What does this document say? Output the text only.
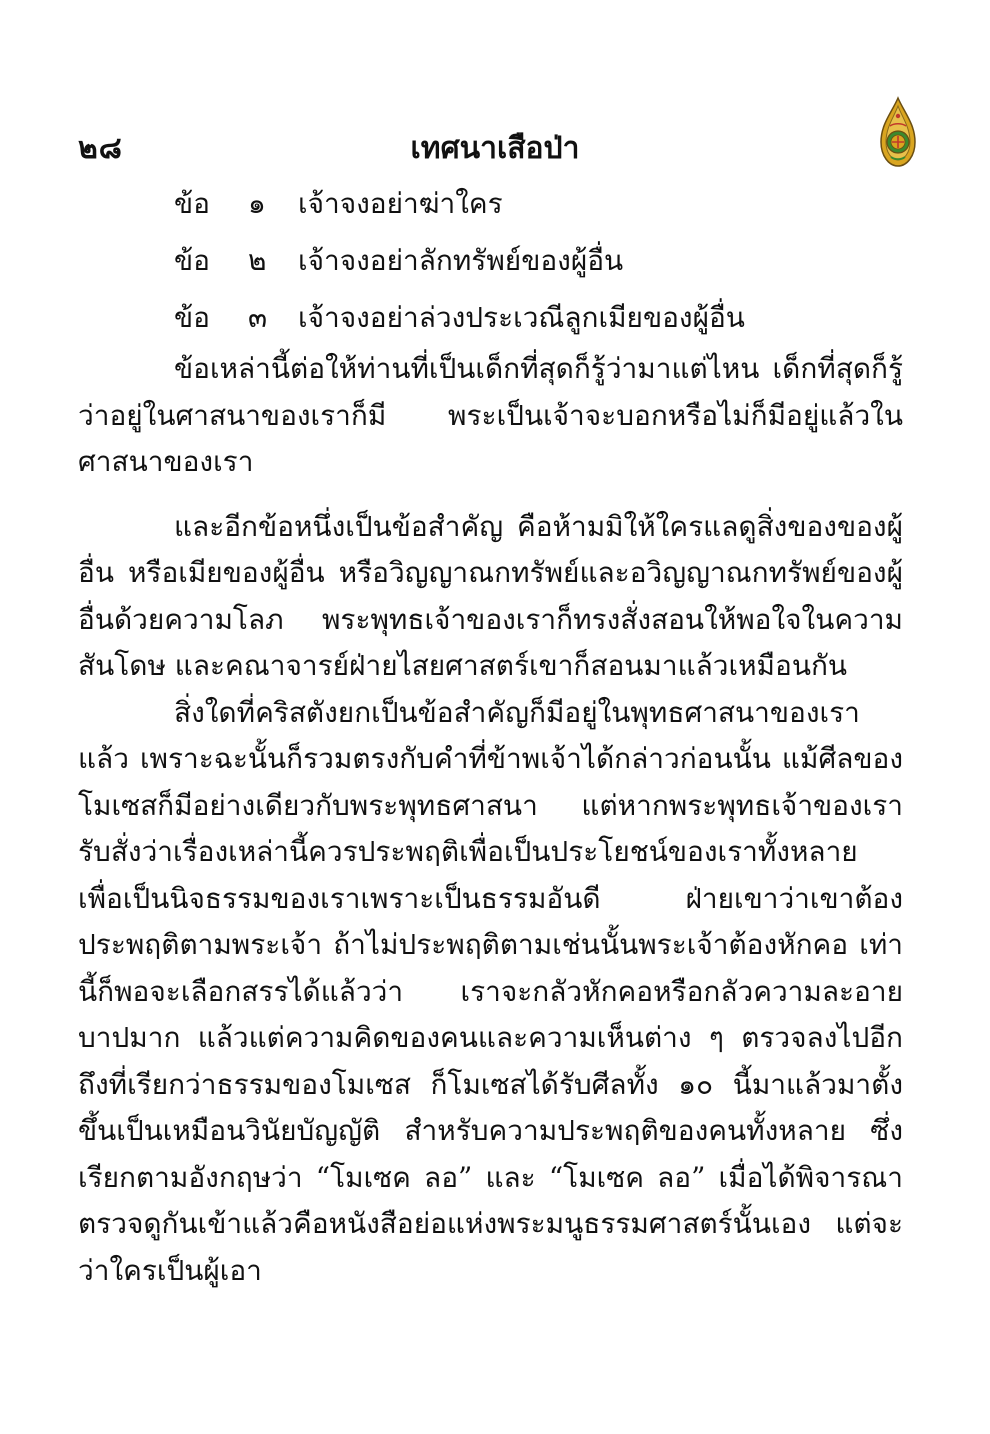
๒๘	เทศนาเสือป่า
ข้อ ๑ เจ้าจงอย่าฆ่าใคร
ข้อ ๒ เจ้าจงอย่าลักทรัพย์ของผู้อื่น
ข้อ ๓ เจ้าจงอย่าล่วงประเวณีลูกเมียของผู้อื่น

ข้อเหล่านี้ต่อให้ท่านที่เป็นเด็กที่สุดก็รู้ว่ามาแต่ไหน เด็กที่สุดก็รู้ว่าอยู่ในศาสนาของเราก็มี พระเป็นเจ้าจะบอกหรือไม่ก็มีอยู่แล้วในศาสนาของเรา

และอีกข้อหนึ่งเป็นข้อสำคัญ คือห้ามมิให้ใครแลดูสิ่งของของผู้อื่น หรือเมียของผู้อื่น หรือวิญญาณกทรัพย์และอวิญญาณกทรัพย์ของผู้อื่นด้วยความโลภ พระพุทธเจ้าของเราก็ทรงสั่งสอนให้พอใจในความสันโดษ และคณาจารย์ฝ่ายไสยศาสตร์เขาก็สอนมาแล้วเหมือนกัน

สิ่งใดที่คริสตังยกเป็นข้อสำคัญก็มีอยู่ในพุทธศาสนาของเราแล้ว เพราะฉะนั้นก็รวมตรงกับคำที่ข้าพเจ้าได้กล่าวก่อนนั้น แม้ศีลของโมเซสก็มีอย่างเดียวกับพระพุทธศาสนา แต่หากพระพุทธเจ้าของเรารับสั่งว่าเรื่องเหล่านี้ควรประพฤติเพื่อเป็นประโยชน์ของเราทั้งหลาย เพื่อเป็นนิจธรรมของเราเพราะเป็นธรรมอันดี ฝ่ายเขาว่าเขาต้องประพฤติตามพระเจ้า ถ้าไม่ประพฤติตามเช่นนั้นพระเจ้าต้องหักคอ เท่านี้ก็พอจะเลือกสรรได้แล้วว่า เราจะกลัวหักคอหรือกลัวความละอายบาปมาก แล้วแต่ความคิดของคนและความเห็นต่าง ๆ ตรวจลงไปอีกถึงที่เรียกว่าธรรมของโมเซส ก็โมเซสได้รับศีลทั้ง ๑๐ นี้มาแล้วมาตั้งขึ้นเป็นเหมือนวินัยบัญญัติ สำหรับความประพฤติของคนทั้งหลาย ซึ่งเรียกตามอังกฤษว่า “โมเซค ลอ” และ “โมเซค ลอ” เมื่อได้พิจารณาตรวจดูกันเข้าแล้วคือหนังสือย่อแห่งพระมนูธรรมศาสตร์นั้นเอง แต่จะว่าใครเป็นผู้เอา
